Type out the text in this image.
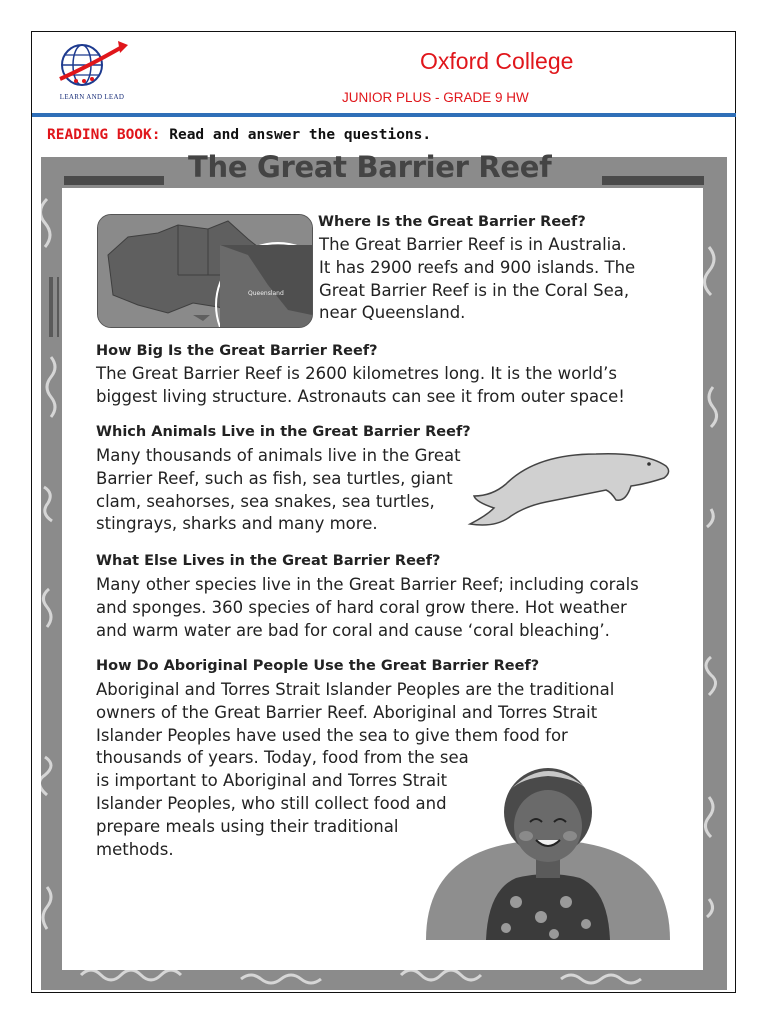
LEARN AND LEAD
Oxford College
JUNIOR PLUS - GRADE 9 HW
READING BOOK: Read and answer the questions.
The Great Barrier Reef
Queensland
Where Is the Great Barrier Reef?
The Great Barrier Reef is in Australia.
It has 2900 reefs and 900 islands. The
Great Barrier Reef is in the Coral Sea,
near Queensland.
How Big Is the Great Barrier Reef?
The Great Barrier Reef is 2600 kilometres long. It is the world’s
biggest living structure. Astronauts can see it from outer space!
Which Animals Live in the Great Barrier Reef?
Many thousands of animals live in the Great
Barrier Reef, such as fish, sea turtles, giant
clam, seahorses, sea snakes, sea turtles,
stingrays, sharks and many more.
What Else Lives in the Great Barrier Reef?
Many other species live in the Great Barrier Reef; including corals
and sponges. 360 species of hard coral grow there. Hot weather
and warm water are bad for coral and cause ‘coral bleaching’.
How Do Aboriginal People Use the Great Barrier Reef?
Aboriginal and Torres Strait Islander Peoples are the traditional
owners of the Great Barrier Reef. Aboriginal and Torres Strait
Islander Peoples have used the sea to give them food for
thousands of years. Today, food from the sea
is important to Aboriginal and Torres Strait
Islander Peoples, who still collect food and
prepare meals using their traditional
methods.
